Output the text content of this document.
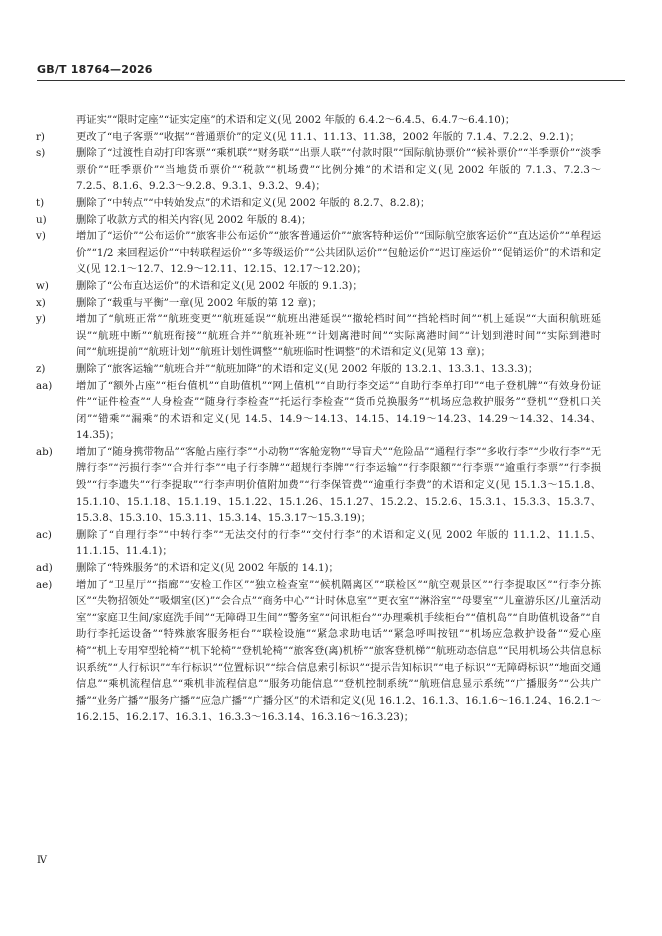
GB/T 18764—2026

再证实”“限时定座”“证实定座”的术语和定义(见 2002 年版的 6.4.2～6.4.5、6.4.7～6.4.10)；

r)	更改了“电子客票”“收据”“普通票价”的定义(见 11.1、11.13、11.38，2002 年版的 7.1.4、7.2.2、9.2.1)；

s)	删除了“过渡性自动打印客票”“乘机联”“财务联”“出票人联”“付款时限”“国际航协票价”“候补票价”“半季票价”“淡季票价”“旺季票价”“当地货币票价”“税款”“机场费”“比例分摊”的术语和定义(见 2002 年版的 7.1.3、7.2.3～7.2.5、8.1.6、9.2.3～9.2.8、9.3.1、9.3.2、9.4)；

t)	删除了“中转点”“中转始发点”的术语和定义(见 2002 年版的 8.2.7、8.2.8)；

u)	删除了收款方式的相关内容(见 2002 年版的 8.4)；

v)	增加了“运价”“公布运价”“旅客非公布运价”“旅客普通运价”“旅客特种运价”“国际航空旅客运价”“直达运价”“单程运价”“1/2 来回程运价”“中转联程运价”“多等级运价”“公共团队运价”“包舱运价”“迟订座运价”“促销运价”的术语和定义(见 12.1～12.7、12.9～12.11、12.15、12.17～12.20)；

w)	删除了“公布直达运价”的术语和定义(见 2002 年版的 9.1.3)；

x)	删除了“载重与平衡”一章(见 2002 年版的第 12 章)；

y)	增加了“航班正常”“航班变更”“航班延误”“航班出港延误”“撤轮档时间”“挡轮档时间”“机上延误”“大面积航班延误”“航班中断”“航班衔接”“航班合并”“航班补班”“计划离港时间”“实际离港时间”“计划到港时间”“实际到港时间”“航班提前”“航班计划”“航班计划性调整”“航班临时性调整”的术语和定义(见第 13 章)；

z)	删除了“旅客运输”“航班合并”“航班加降”的术语和定义(见 2002 年版的 13.2.1、13.3.1、13.3.3)；

aa)	增加了“额外占座”“柜台值机”“自助值机”“网上值机”“自助行李交运”“自助行李单打印”“电子登机牌”“有效身份证件”“证件检查”“人身检查”“随身行李检查”“托运行李检查”“货币兑换服务”“机场应急救护服务”“登机”“登机口关闭”“错乘”“漏乘”的术语和定义(见 14.5、14.9～14.13、14.15、14.19～14.23、14.29～14.32、14.34、14.35)；

ab)	增加了“随身携带物品”“客舱占座行李”“小动物”“客舱宠物”“导盲犬”“危险品”“通程行李”“多收行李”“少收行李”“无牌行李”“污损行李”“合并行李”“电子行李牌”“超规行李牌”“行李运输”“行李限额”“行李票”“逾重行李票”“行李损毁”“行李遗失”“行李提取”“行李声明价值附加费”“行李保管费”“逾重行李费”的术语和定义(见 15.1.3～15.1.8、15.1.10、15.1.18、15.1.19、15.1.22、15.1.26、15.1.27、15.2.2、15.2.6、15.3.1、15.3.3、15.3.7、15.3.8、15.3.10、15.3.11、15.3.14、15.3.17～15.3.19)；

ac)	删除了“自理行李”“中转行李”“无法交付的行李”“交付行李”的术语和定义(见 2002 年版的 11.1.2、11.1.5、11.1.15、11.4.1)；

ad)	删除了“特殊服务”的术语和定义(见 2002 年版的 14.1)；

ae)	增加了“卫星厅”“指廊”“安检工作区”“独立检查室”“候机隔离区”“联检区”“航空观景区”“行李提取区”“行李分拣区”“失物招领处”“吸烟室(区)”“会合点”“商务中心”“计时休息室”“更衣室”“淋浴室”“母婴室”“儿童游乐区/儿童活动室”“家庭卫生间/家庭洗手间”“无障碍卫生间”“警务室”“问讯柜台”“办理乘机手续柜台”“值机岛”“自助值机设备”“自助行李托运设备”“特殊旅客服务柜台”“联检设施”“紧急求助电话”“紧急呼叫按钮”“机场应急救护设备”“爱心座椅”“机上专用窄型轮椅”“机下轮椅”“登机轮椅”“旅客登(离)机桥”“旅客登机梯”“航班动态信息”“民用机场公共信息标识系统”“人行标识”“车行标识”“位置标识”“综合信息索引标识”“提示告知标识”“电子标识”“无障碍标识”“地面交通信息”“乘机流程信息”“乘机非流程信息”“服务功能信息”“登机控制系统”“航班信息显示系统”“广播服务”“公共广播”“业务广播”“服务广播”“应急广播”“广播分区”的术语和定义(见 16.1.2、16.1.3、16.1.6～16.1.24、16.2.1～16.2.15、16.2.17、16.3.1、16.3.3～16.3.14、16.3.16～16.3.23)；

Ⅳ
